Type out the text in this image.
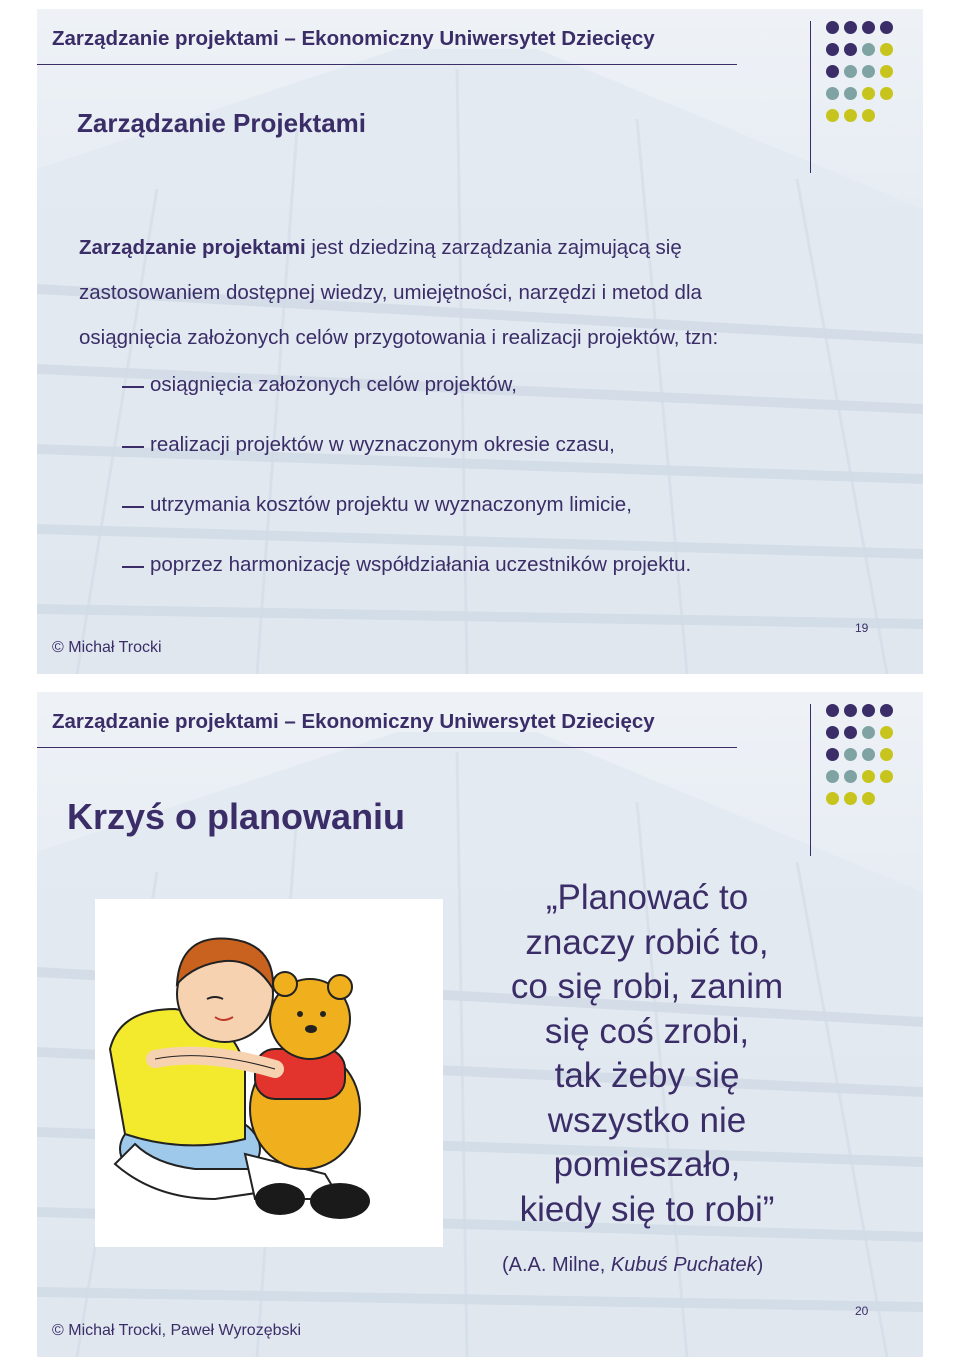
Zarządzanie projektami – Ekonomiczny Uniwersytet Dziecięcy
Zarządzanie Projektami
Zarządzanie projektami jest dziedziną zarządzania zajmującą się
zastosowaniem dostępnej wiedzy, umiejętności, narzędzi i metod dla
osiągnięcia założonych celów przygotowania i realizacji projektów, tzn:
osiągnięcia założonych celów projektów,
realizacji projektów w wyznaczonym okresie czasu,
utrzymania kosztów projektu w wyznaczonym limicie,
poprzez harmonizację współdziałania uczestników projektu.
© Michał Trocki
19
Zarządzanie projektami – Ekonomiczny Uniwersytet Dziecięcy
Krzyś o planowaniu
„Planować to
znaczy robić to,
co się robi, zanim
się coś zrobi,
tak żeby się
wszystko nie
pomieszało,
kiedy się to robi”
(A.A. Milne, Kubuś Puchatek)
© Michał Trocki, Paweł Wyrozębski
20
